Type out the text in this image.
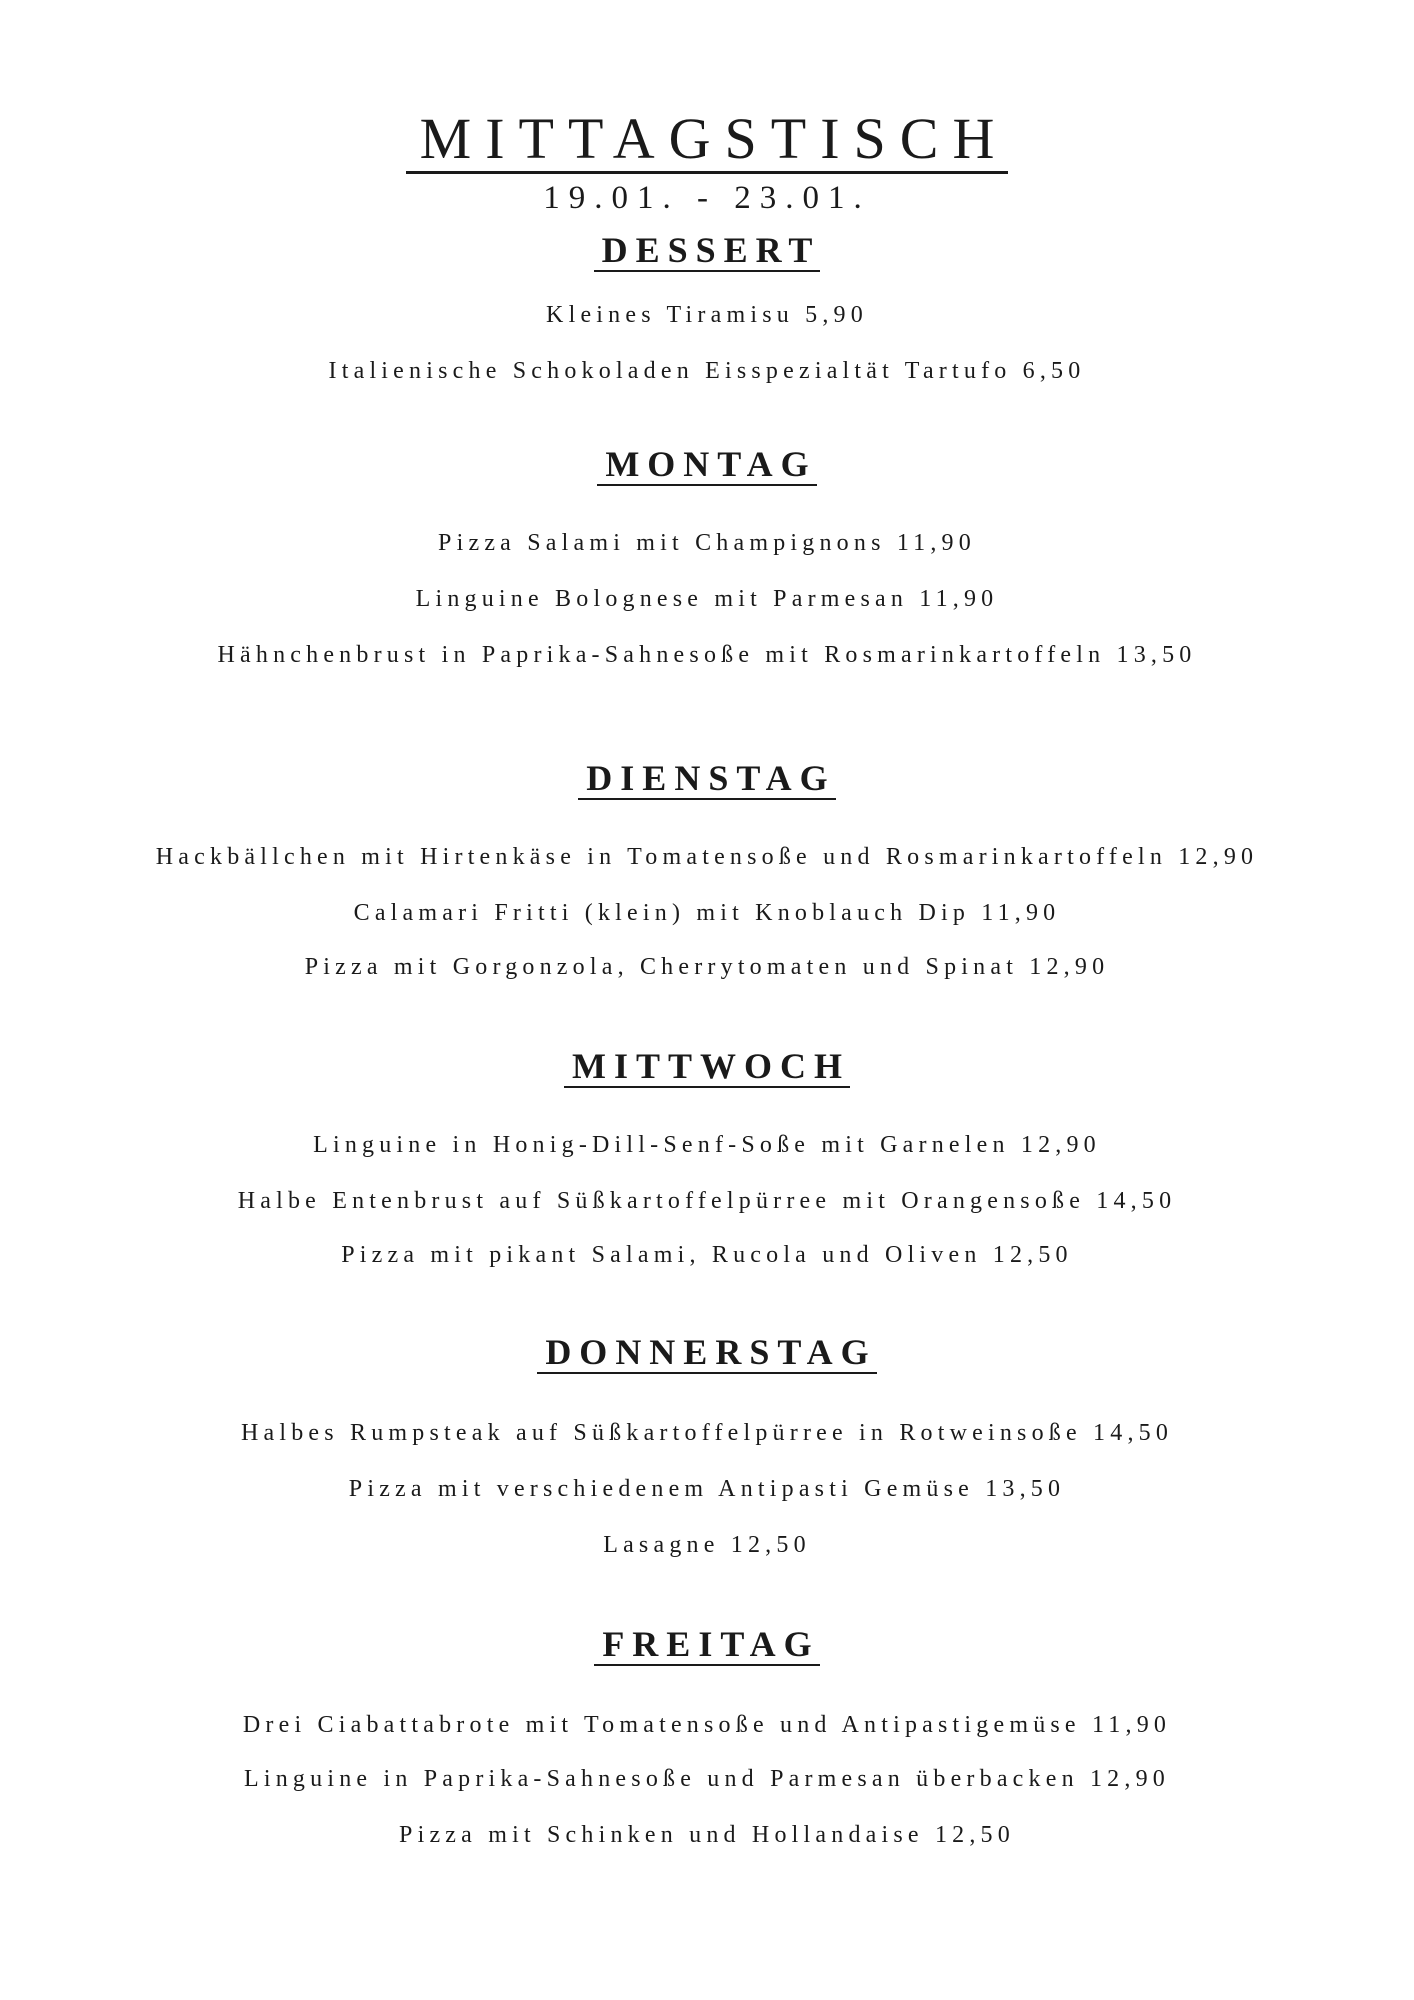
MITTAGSTISCH
19.01. - 23.01.
DESSERT
Kleines Tiramisu 5,90
Italienische Schokoladen Eisspezialtät Tartufo 6,50
MONTAG
Pizza Salami mit Champignons 11,90
Linguine Bolognese mit Parmesan 11,90
Hähnchenbrust in Paprika-Sahnesoße mit Rosmarinkartoffeln 13,50
DIENSTAG
Hackbällchen mit Hirtenkäse in Tomatensoße und Rosmarinkartoffeln 12,90
Calamari Fritti (klein) mit Knoblauch Dip 11,90
Pizza mit Gorgonzola, Cherrytomaten und Spinat 12,90
MITTWOCH
Linguine in Honig-Dill-Senf-Soße mit Garnelen 12,90
Halbe Entenbrust auf Süßkartoffelpürree mit Orangensoße 14,50
Pizza mit pikant Salami, Rucola und Oliven 12,50
DONNERSTAG
Halbes Rumpsteak auf Süßkartoffelpürree in Rotweinsoße 14,50
Pizza mit verschiedenem Antipasti Gemüse 13,50
Lasagne 12,50
FREITAG
Drei Ciabattabrote mit Tomatensoße und Antipastigemüse 11,90
Linguine in Paprika-Sahnesoße und Parmesan überbacken 12,90
Pizza mit Schinken und Hollandaise 12,50
